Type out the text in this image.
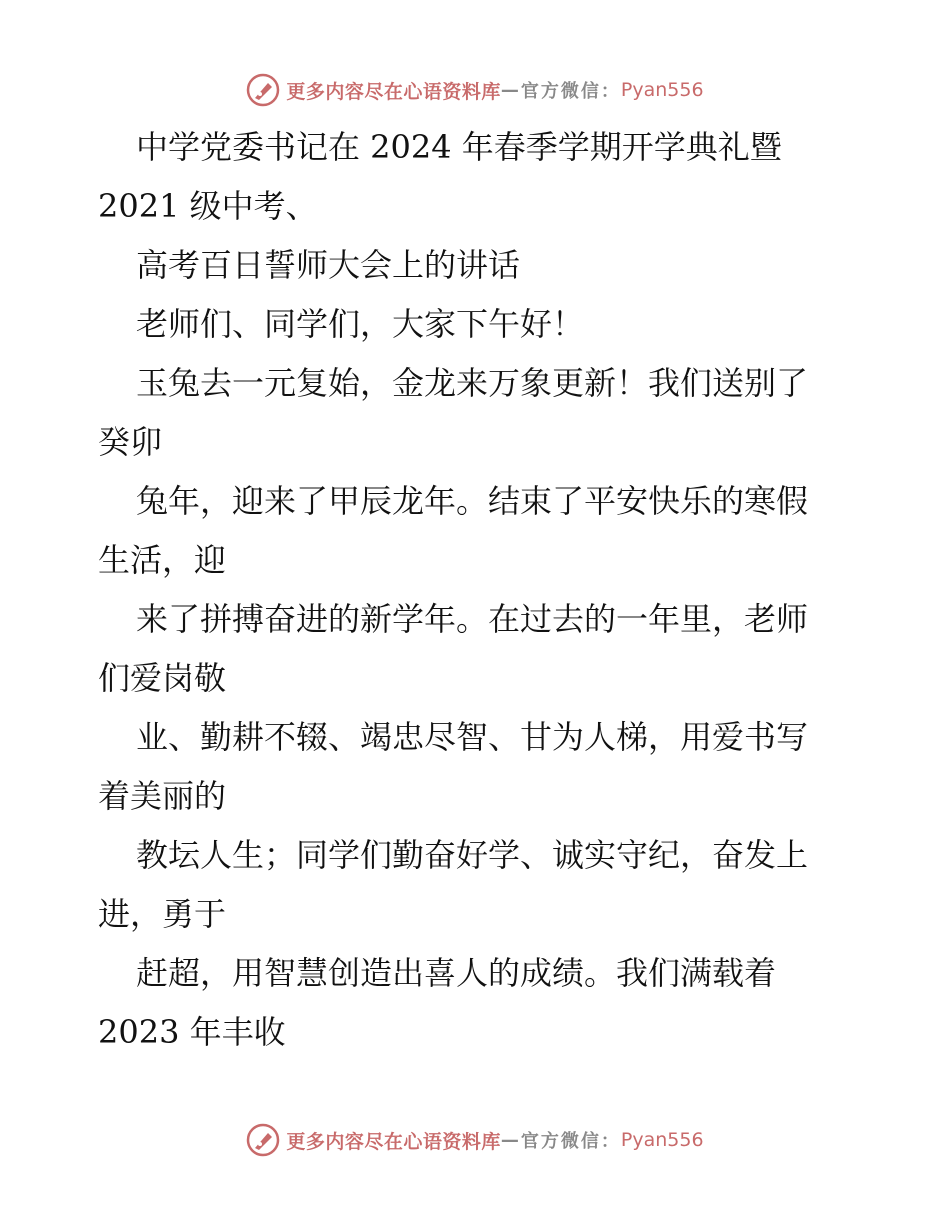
更多内容尽在心语资料库 — 官方微信： Pyan556
中学党委书记在 2024 年春季学期开学典礼暨
2021 级中考、
高考百日誓师大会上的讲话
老师们、同学们，大家下午好！
玉兔去一元复始，金龙来万象更新！我们送别了
癸卯
兔年，迎来了甲辰龙年。结束了平安快乐的寒假
生活，迎
来了拼搏奋进的新学年。在过去的一年里，老师
们爱岗敬
业、勤耕不辍、竭忠尽智、甘为人梯，用爱书写
着美丽的
教坛人生；同学们勤奋好学、诚实守纪，奋发上
进，勇于
赶超，用智慧创造出喜人的成绩。我们满载着
2023 年丰收
更多内容尽在心语资料库 — 官方微信： Pyan556
